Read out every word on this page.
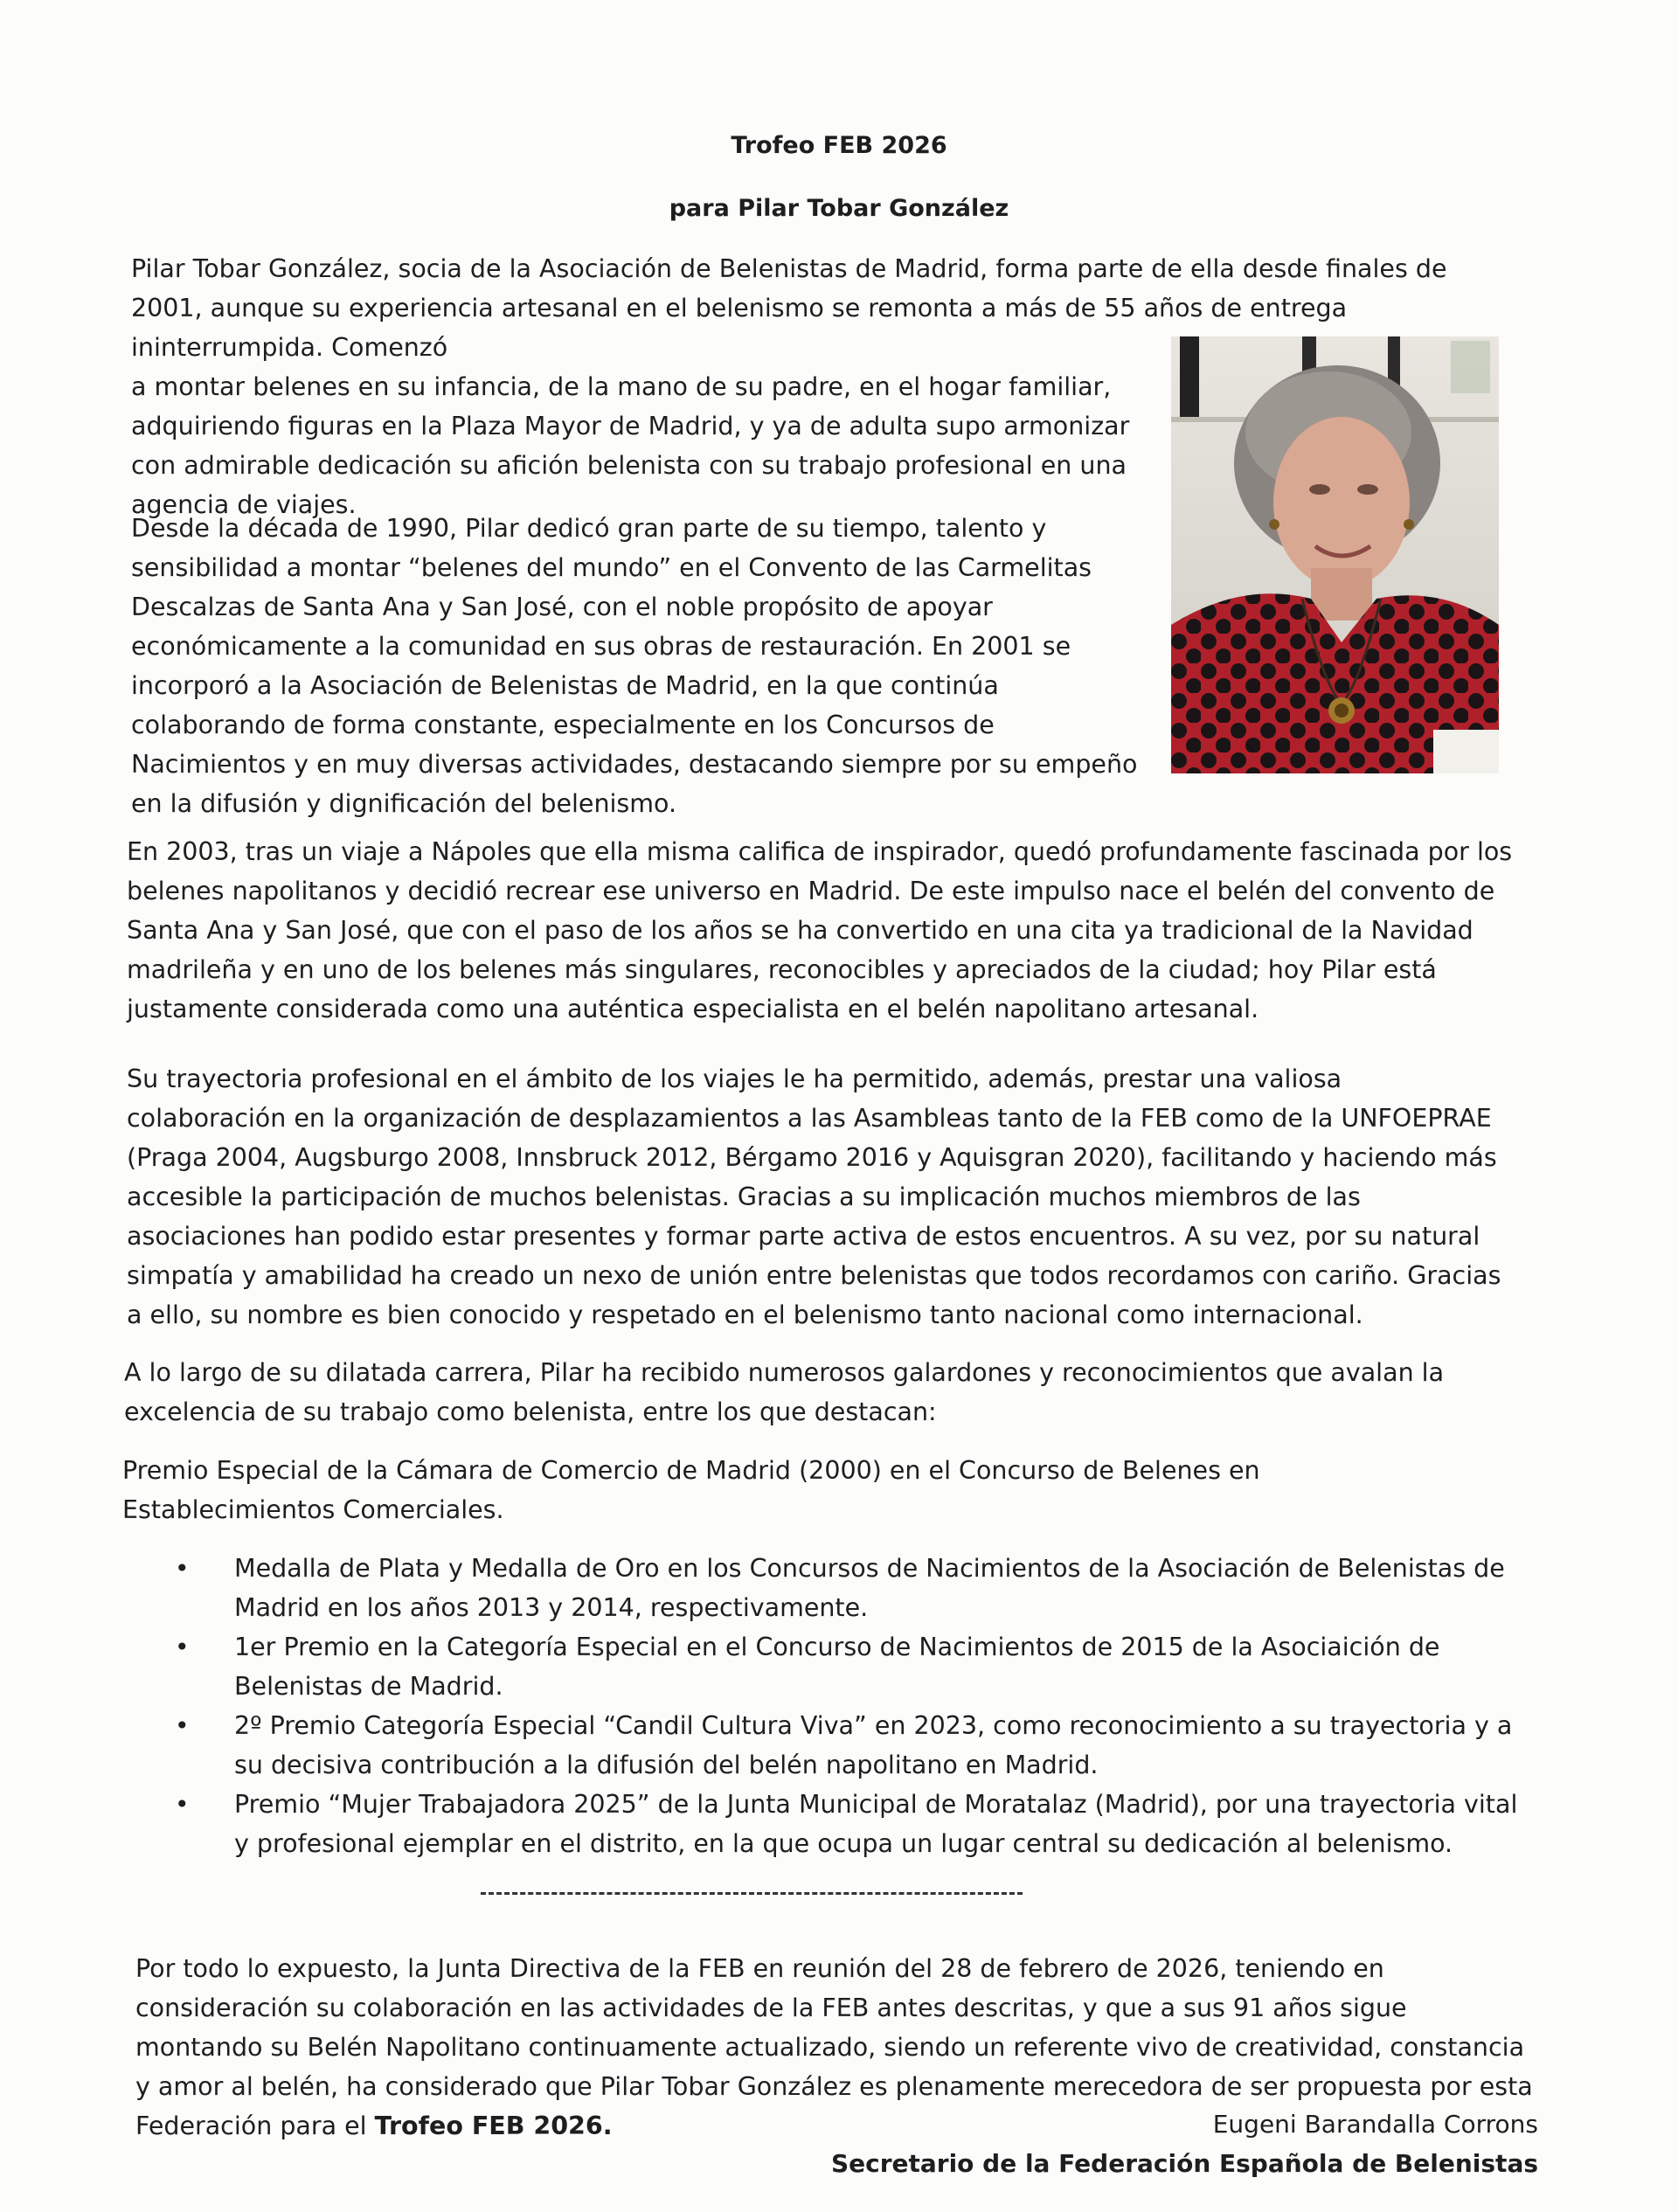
Trofeo FEB 2026
para Pilar Tobar González

Pilar Tobar González, socia de la Asociación de Belenistas de Madrid, forma parte de ella desde finales de 2001, aunque su experiencia artesanal en el belenismo se remonta a más de 55 años de entrega ininterrumpida. Comenzó
a montar belenes en su infancia, de la mano de su padre, en el hogar familiar, adquiriendo figuras en la Plaza Mayor de Madrid, y ya de adulta supo armonizar con admirable dedicación su afición belenista con su trabajo profesional en una agencia de viajes.

Desde la década de 1990, Pilar dedicó gran parte de su tiempo, talento y sensibilidad a montar “belenes del mundo” en el Convento de las Carmelitas Descalzas de Santa Ana y San José, con el noble propósito de apoyar económicamente a la comunidad en sus obras de restauración. En 2001 se incorporó a la Asociación de Belenistas de Madrid, en la que continúa colaborando de forma constante, especialmente en los Concursos de Nacimientos y en muy diversas actividades, destacando siempre por su empeño en la difusión y dignificación del belenismo.

En 2003, tras un viaje a Nápoles que ella misma califica de inspirador, quedó profundamente fascinada por los belenes napolitanos y decidió recrear ese universo en Madrid. De este impulso nace el belén del convento de Santa Ana y San José, que con el paso de los años se ha convertido en una cita ya tradicional de la Navidad madrileña y en uno de los belenes más singulares, reconocibles y apreciados de la ciudad; hoy Pilar está justamente considerada como una auténtica especialista en el belén napolitano artesanal.

Su trayectoria profesional en el ámbito de los viajes le ha permitido, además, prestar una valiosa colaboración en la organización de desplazamientos a las Asambleas tanto de la FEB como de la UNFOEPRAE (Praga 2004, Augsburgo 2008, Innsbruck 2012, Bérgamo 2016 y Aquisgran 2020), facilitando y haciendo más accesible la participación de muchos belenistas. Gracias a su implicación muchos miembros de las asociaciones han podido estar presentes y formar parte activa de estos encuentros. A su vez, por su natural simpatía y amabilidad ha creado un nexo de unión entre belenistas que todos recordamos con cariño. Gracias a ello, su nombre es bien conocido y respetado en el belenismo tanto nacional como internacional.

A lo largo de su dilatada carrera, Pilar ha recibido numerosos galardones y reconocimientos que avalan la excelencia de su trabajo como belenista, entre los que destacan:

Premio Especial de la Cámara de Comercio de Madrid (2000) en el Concurso de Belenes en Establecimientos Comerciales.

• Medalla de Plata y Medalla de Oro en los Concursos de Nacimientos de la Asociación de Belenistas de Madrid en los años 2013 y 2014, respectivamente.
• 1er Premio en la Categoría Especial en el Concurso de Nacimientos de 2015 de la Asociaición de Belenistas de Madrid.
• 2º Premio Categoría Especial “Candil Cultura Viva” en 2023, como reconocimiento a su trayectoria y a su decisiva contribución a la difusión del belén napolitano en Madrid.
• Premio “Mujer Trabajadora 2025” de la Junta Municipal de Moratalaz (Madrid), por una trayectoria vital y profesional ejemplar en el distrito, en la que ocupa un lugar central su dedicación al belenismo.

Por todo lo expuesto, la Junta Directiva de la FEB en reunión del 28 de febrero de 2026, teniendo en consideración su colaboración en las actividades de la FEB antes descritas, y que a sus 91 años sigue montando su Belén Napolitano continuamente actualizado, siendo un referente vivo de creatividad, constancia y amor al belén, ha considerado que Pilar Tobar González es plenamente merecedora de ser propuesta por esta Federación para el Trofeo FEB 2026.	Eugeni Barandalla Corrons
Secretario de la Federación Española de Belenistas
